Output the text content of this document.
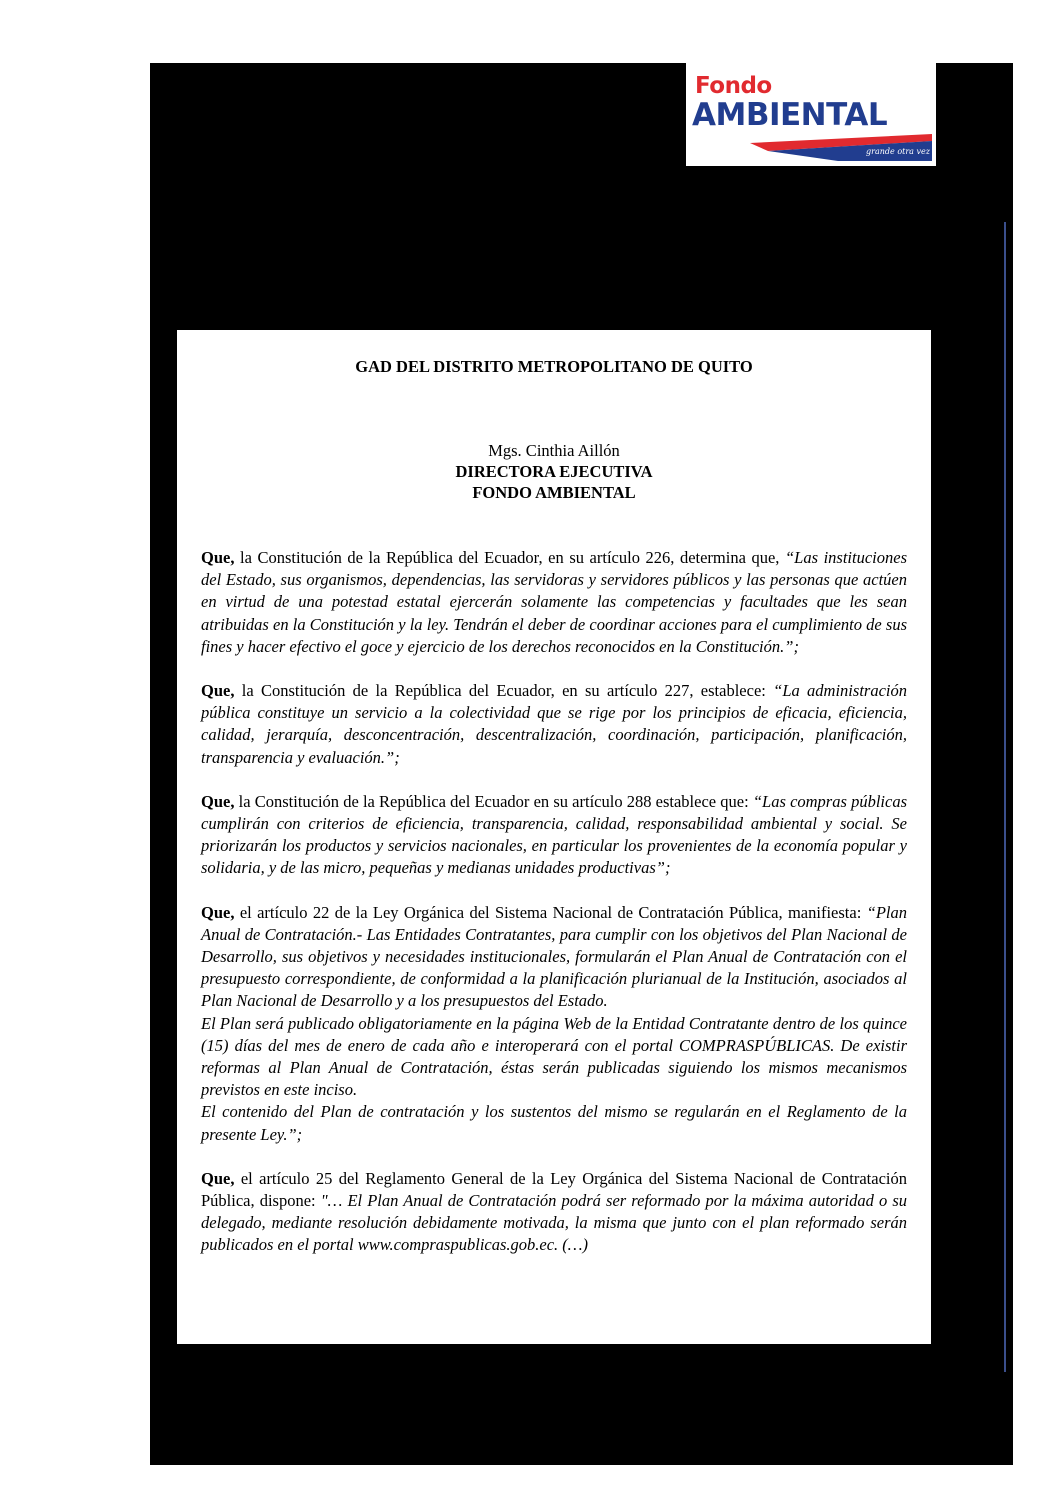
Fondo
AMBIENTAL
grande otra vez
GAD DEL DISTRITO METROPOLITANO DE QUITO
Mgs. Cinthia Aillón
DIRECTORA EJECUTIVA
FONDO AMBIENTAL

Que, la Constitución de la República del Ecuador, en su artículo 226, determina que, “Las instituciones del Estado, sus organismos, dependencias, las servidoras y servidores públicos y las personas que actúen en virtud de una potestad estatal ejercerán solamente las competencias y facultades que les sean atribuidas en la Constitución y la ley. Tendrán el deber de coordinar acciones para el cumplimiento de sus fines y hacer efectivo el goce y ejercicio de los derechos reconocidos en la Constitución.”;

Que, la Constitución de la República del Ecuador, en su artículo 227, establece: “La administración pública constituye un servicio a la colectividad que se rige por los principios de eficacia, eficiencia, calidad, jerarquía, desconcentración, descentralización, coordinación, participación, planificación, transparencia y evaluación.”;

Que, la Constitución de la República del Ecuador en su artículo 288 establece que: “Las compras públicas cumplirán con criterios de eficiencia, transparencia, calidad, responsabilidad ambiental y social. Se priorizarán los productos y servicios nacionales, en particular los provenientes de la economía popular y solidaria, y de las micro, pequeñas y medianas unidades productivas”;

Que, el artículo 22 de la Ley Orgánica del Sistema Nacional de Contratación Pública, manifiesta: “Plan Anual de Contratación.- Las Entidades Contratantes, para cumplir con los objetivos del Plan Nacional de Desarrollo, sus objetivos y necesidades institucionales, formularán el Plan Anual de Contratación con el presupuesto correspondiente, de conformidad a la planificación plurianual de la Institución, asociados al Plan Nacional de Desarrollo y a los presupuestos del Estado.

El Plan será publicado obligatoriamente en la página Web de la Entidad Contratante dentro de los quince (15) días del mes de enero de cada año e interoperará con el portal COMPRASPÚBLICAS. De existir reformas al Plan Anual de Contratación, éstas serán publicadas siguiendo los mismos mecanismos previstos en este inciso.

El contenido del Plan de contratación y los sustentos del mismo se regularán en el Reglamento de la presente Ley.”;

Que, el artículo 25 del Reglamento General de la Ley Orgánica del Sistema Nacional de Contratación Pública, dispone: "… El Plan Anual de Contratación podrá ser reformado por la máxima autoridad o su delegado, mediante resolución debidamente motivada, la misma que junto con el plan reformado serán publicados en el portal www.compraspublicas.gob.ec. (…)
